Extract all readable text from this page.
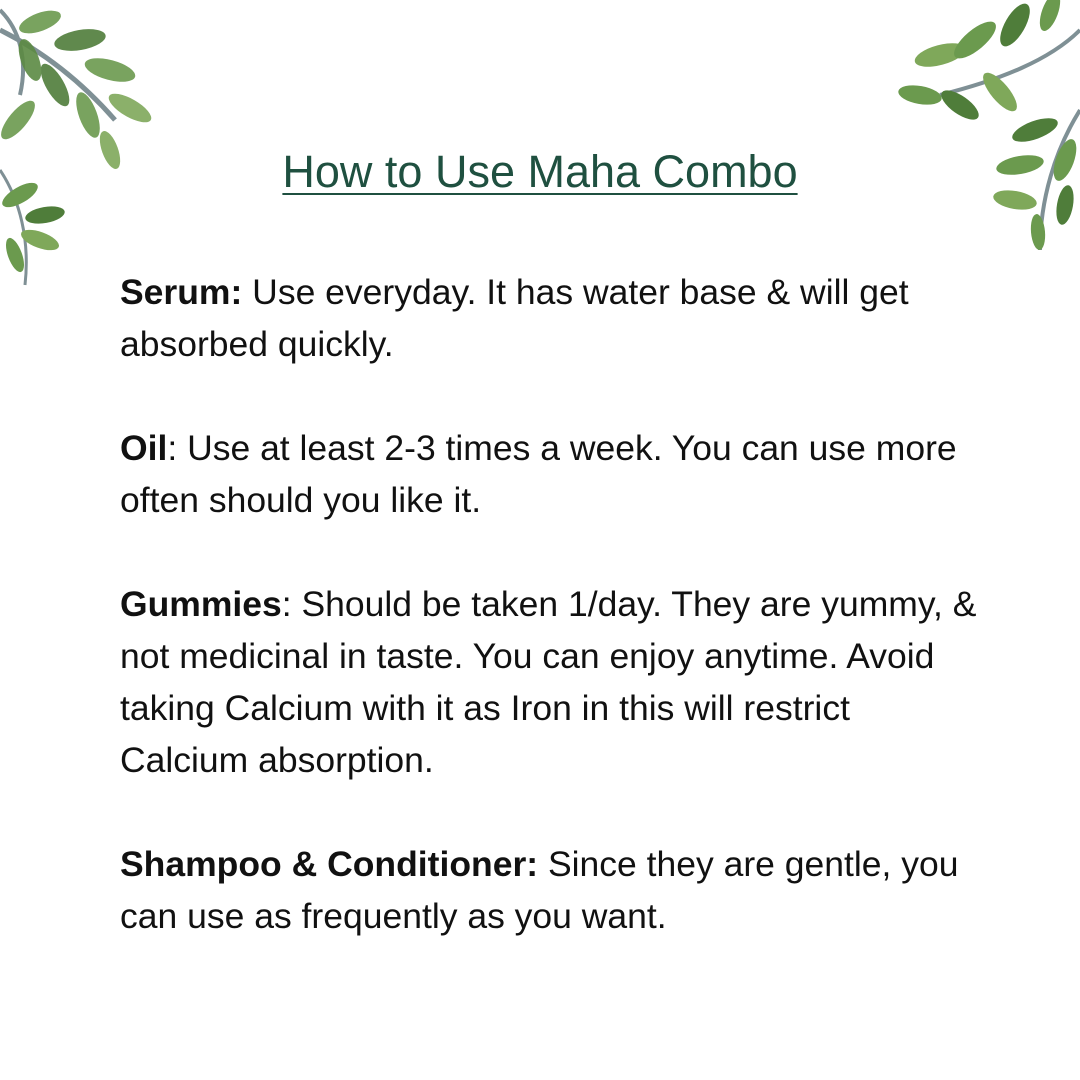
How to Use Maha Combo

Serum: Use everyday. It has water base & will get absorbed quickly.

Oil: Use at least 2-3 times a week. You can use more often should you like it.

Gummies: Should be taken 1/day. They are yummy, & not medicinal in taste. You can enjoy anytime. Avoid taking Calcium with it as Iron in this will restrict Calcium absorption.

Shampoo & Conditioner: Since they are gentle, you can use as frequently as you want.
